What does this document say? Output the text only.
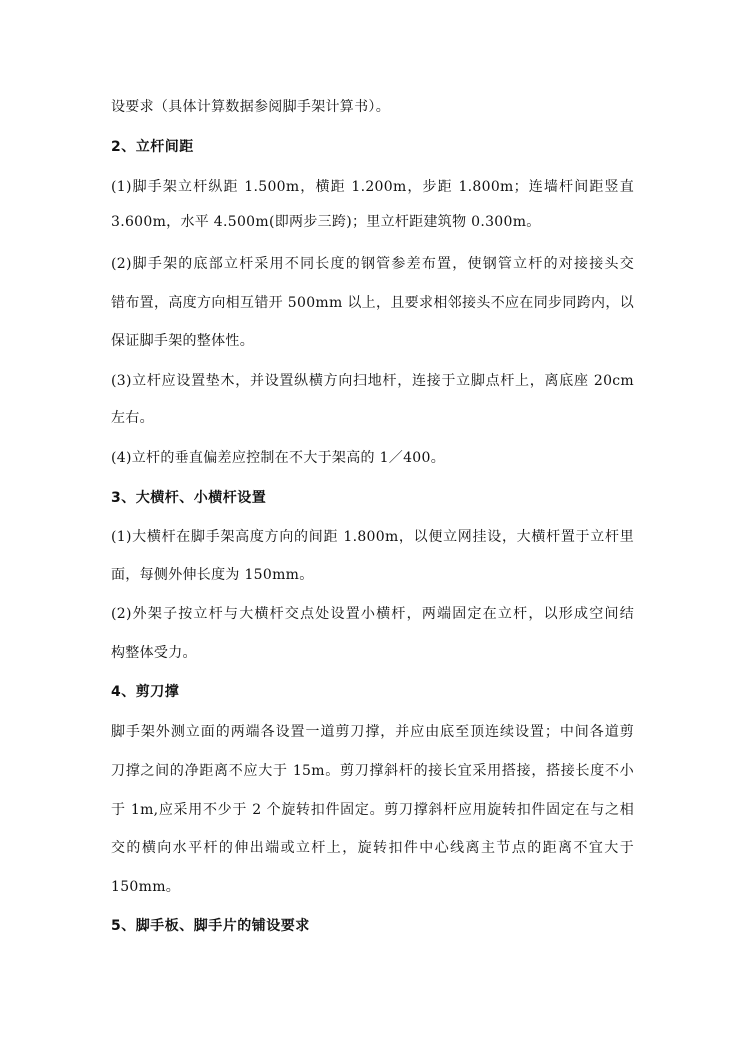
设要求（具体计算数据参阅脚手架计算书）。
2、立杆间距
(1)脚手架立杆纵距 1.500m，横距 1.200m，步距 1.800m；连墙杆间距竖直
3.600m，水平 4.500m(即两步三跨)；里立杆距建筑物 0.300m。
(2)脚手架的底部立杆采用不同长度的钢管参差布置，使钢管立杆的对接接头交
错布置，高度方向相互错开 500mm 以上，且要求相邻接头不应在同步同跨内，以
保证脚手架的整体性。
(3)立杆应设置垫木，并设置纵横方向扫地杆，连接于立脚点杆上，离底座 20cm
左右。
(4)立杆的垂直偏差应控制在不大于架高的 1／400。
3、大横杆、小横杆设置
(1)大横杆在脚手架高度方向的间距 1.800m，以便立网挂设，大横杆置于立杆里
面，每侧外伸长度为 150mm。
(2)外架子按立杆与大横杆交点处设置小横杆，两端固定在立杆，以形成空间结
构整体受力。
4、剪刀撑
脚手架外测立面的两端各设置一道剪刀撑，并应由底至顶连续设置；中间各道剪
刀撑之间的净距离不应大于 15m。剪刀撑斜杆的接长宜采用搭接，搭接长度不小
于 1m,应采用不少于 2 个旋转扣件固定。剪刀撑斜杆应用旋转扣件固定在与之相
交的横向水平杆的伸出端或立杆上，旋转扣件中心线离主节点的距离不宜大于
150mm。
5、脚手板、脚手片的铺设要求
